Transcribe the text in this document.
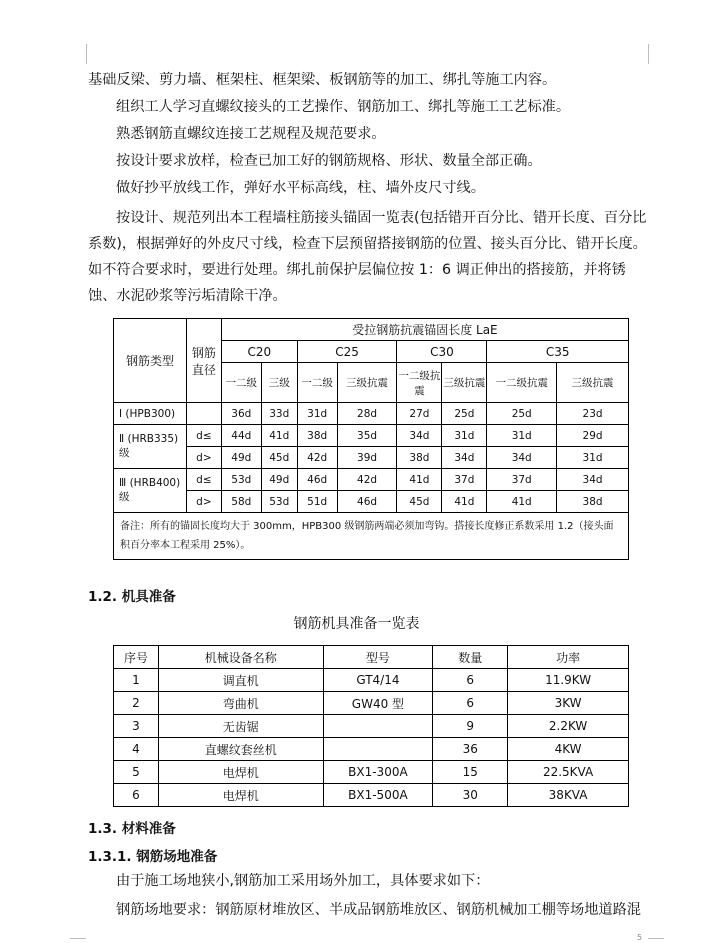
5

基础反梁、剪力墙、框架柱、框架梁、板钢筋等的加工、绑扎等施工内容。

组织工人学习直螺纹接头的工艺操作、钢筋加工、绑扎等施工工艺标准。

熟悉钢筋直螺纹连接工艺规程及规范要求。

按设计要求放样，检查已加工好的钢筋规格、形状、数量全部正确。

做好抄平放线工作，弹好水平标高线，柱、墙外皮尺寸线。

按设计、规范列出本工程墙柱筋接头锚固一览表(包括错开百分比、错开长度、百分比系数)，根据弹好的外皮尺寸线，检查下层预留搭接钢筋的位置、接头百分比、错开长度。如不符合要求时，要进行处理。绑扎前保护层偏位按 1：6 调正伸出的搭接筋，并将锈蚀、水泥砂浆等污垢清除干净。

钢筋类型	钢筋直径	受拉钢筋抗震锚固长度 LaE							
		C20		C25		C30		C35	
		一二级	三级	一二级	三级抗震	一二级抗震	三级抗震	一二级抗震	三级抗震
Ⅰ (HPB300)		36d	33d	31d	28d	27d	25d	25d	23d
Ⅱ (HRB335)级	d≤	44d	41d	38d	35d	34d	31d	31d	29d
	d>	49d	45d	42d	39d	38d	34d	34d	31d
Ⅲ (HRB400)级	d≤	53d	49d	46d	42d	41d	37d	37d	34d
	d>	58d	53d	51d	46d	45d	41d	41d	38d
备注：所有的锚固长度均大于 300mm，HPB300 级钢筋两端必须加弯钩。搭接长度修正系数采用 1.2（接头面积百分率本工程采用 25%）。									
1.2. 机具准备
钢筋机具准备一览表
序号	机械设备名称	型号	数量	功率
1	调直机	GT4/14	6	11.9KW
2	弯曲机	GW40 型	6	3KW
3	无齿锯		9	2.2KW
4	直螺纹套丝机		36	4KW
5	电焊机	BX1-300A	15	22.5KVA
6	电焊机	BX1-500A	30	38KVA
1.3. 材料准备
1.3.1. 钢筋场地准备

由于施工场地狭小,钢筋加工采用场外加工，具体要求如下：

钢筋场地要求：钢筋原材堆放区、半成品钢筋堆放区、钢筋机械加工棚等场地道路混
